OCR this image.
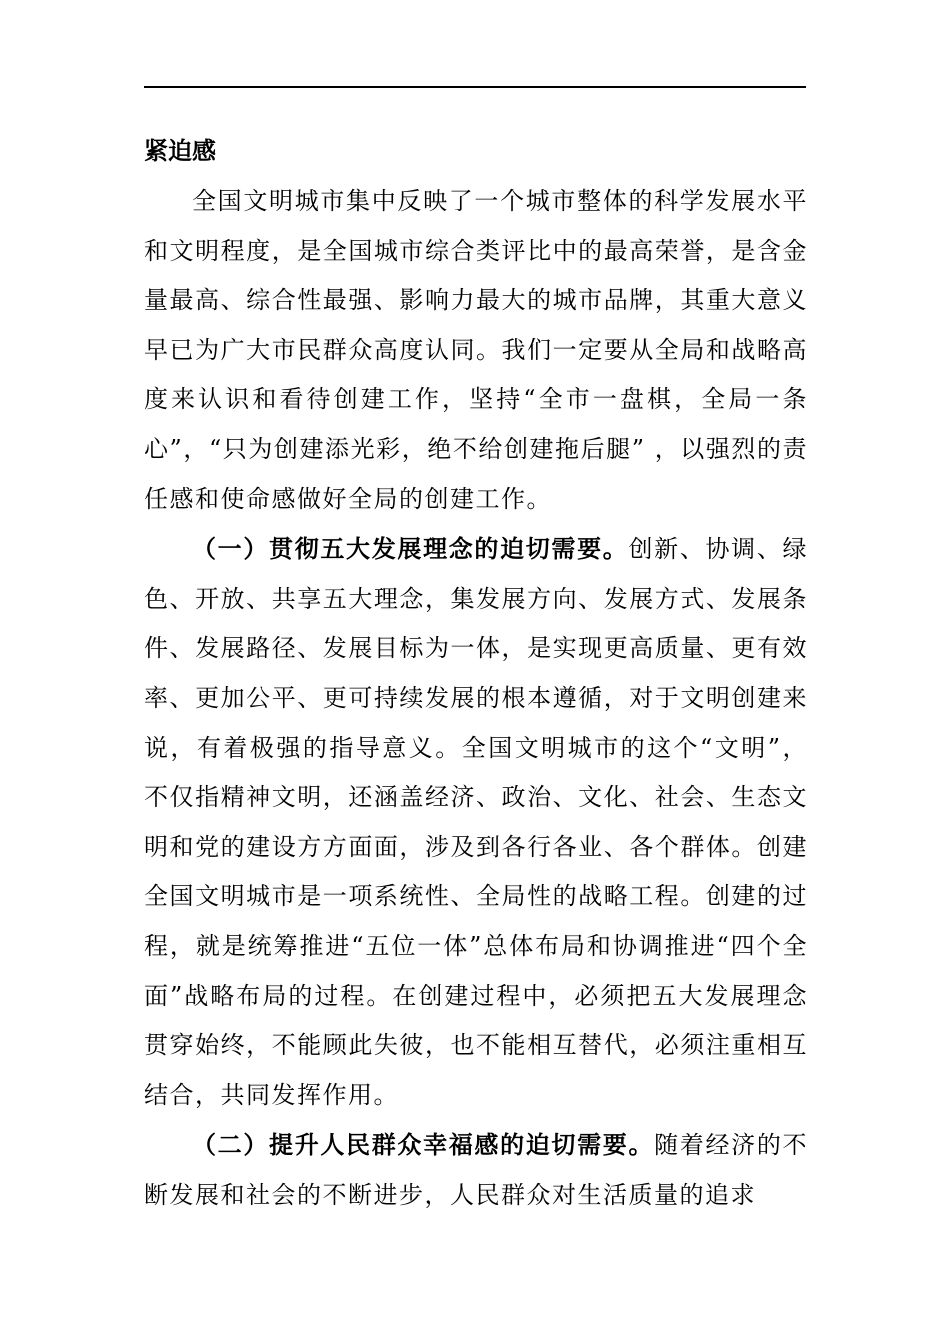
紧迫感

全国文明城市集中反映了一个城市整体的科学发展水平和文明程度，是全国城市综合类评比中的最高荣誉，是含金量最高、综合性最强、影响力最大的城市品牌，其重大意义早已为广大市民群众高度认同。我们一定要从全局和战略高度来认识和看待创建工作，坚持“全市一盘棋，全局一条心”，“只为创建添光彩，绝不给创建拖后腿” ，以强烈的责任感和使命感做好全局的创建工作。

（一）贯彻五大发展理念的迫切需要。创新、协调、绿色、开放、共享五大理念，集发展方向、发展方式、发展条件、发展路径、发展目标为一体，是实现更高质量、更有效率、更加公平、更可持续发展的根本遵循，对于文明创建来说，有着极强的指导意义。全国文明城市的这个“文明”，不仅指精神文明，还涵盖经济、政治、文化、社会、生态文明和党的建设方方面面，涉及到各行各业、各个群体。创建全国文明城市是一项系统性、全局性的战略工程。创建的过程，就是统筹推进“五位一体”总体布局和协调推进“四个全面”战略布局的过程。在创建过程中，必须把五大发展理念贯穿始终，不能顾此失彼，也不能相互替代，必须注重相互结合，共同发挥作用。

（二）提升人民群众幸福感的迫切需要。随着经济的不断发展和社会的不断进步，人民群众对生活质量的追求
